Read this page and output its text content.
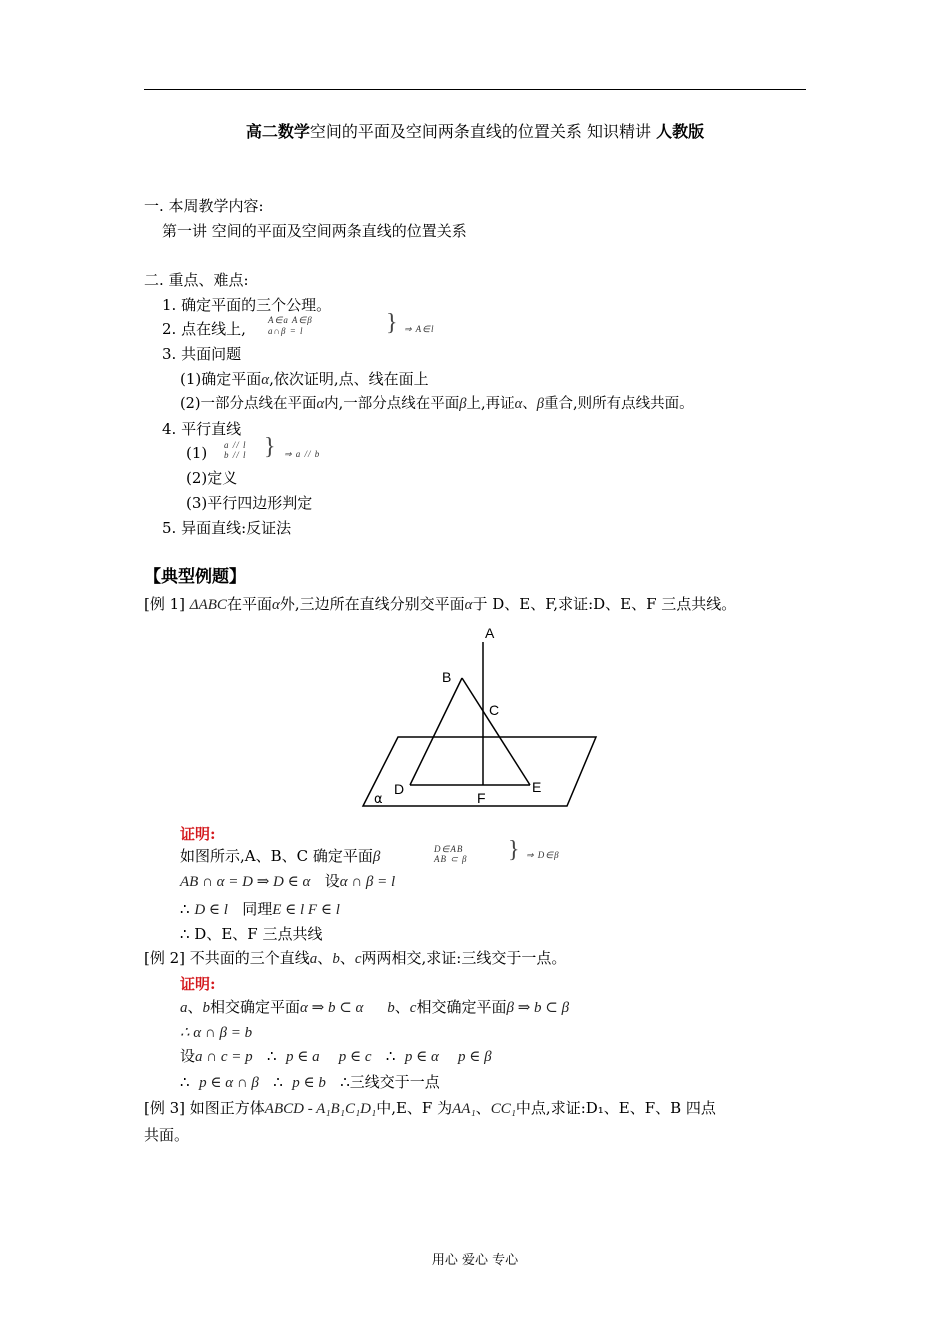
高二数学空间的平面及空间两条直线的位置关系 知识精讲 人教版
一. 本周教学内容:
第一讲 空间的平面及空间两条直线的位置关系
二. 重点、难点:
1. 确定平面的三个公理。
2. 点在线上, A∈a A∈β
a∩β = l	} ⇒ A∈l
3. 共面问题
(1)确定平面α,依次证明,点、线在面上
(2)一部分点线在平面α内,一部分点线在平面β上,再证α、β重合,则所有点线共面。
4. 平行直线
(1) a // l
b // l } ⇒ a // b
(2)定义
(3)平行四边形判定
5. 异面直线:反证法
【典型例题】
[例 1] ΔABC在平面α外,三边所在直线分别交平面α于 D、E、F,求证:D、E、F 三点共线。
A
B
C
D	E
F
α
证明:
如图所示,A、B、C 确定平面β	D∈AB
AB ⊂ β } ⇒ D∈β
AB ∩ α = D ⇒ D ∈ α 设α ∩ β = l
∴ D ∈ l 同理E ∈ l F ∈ l
∴ D、E、F 三点共线
[例 2] 不共面的三个直线a、b、c两两相交,求证:三线交于一点。
证明:
a、b相交确定平面α ⇒ b ⊂ α b、c相交确定平面β ⇒ b ⊂ β
∴ α ∩ β = b
设a ∩ c = p ∴ p ∈ a p ∈ c ∴ p ∈ α p ∈ β
∴ p ∈ α ∩ β ∴ p ∈ b ∴三线交于一点
[例 3] 如图正方体ABCD - A₁B₁C₁D₁中,E、F 为AA₁、CC₁中点,求证:D₁、E、F、B 四点
共面。
用心 爱心 专心
